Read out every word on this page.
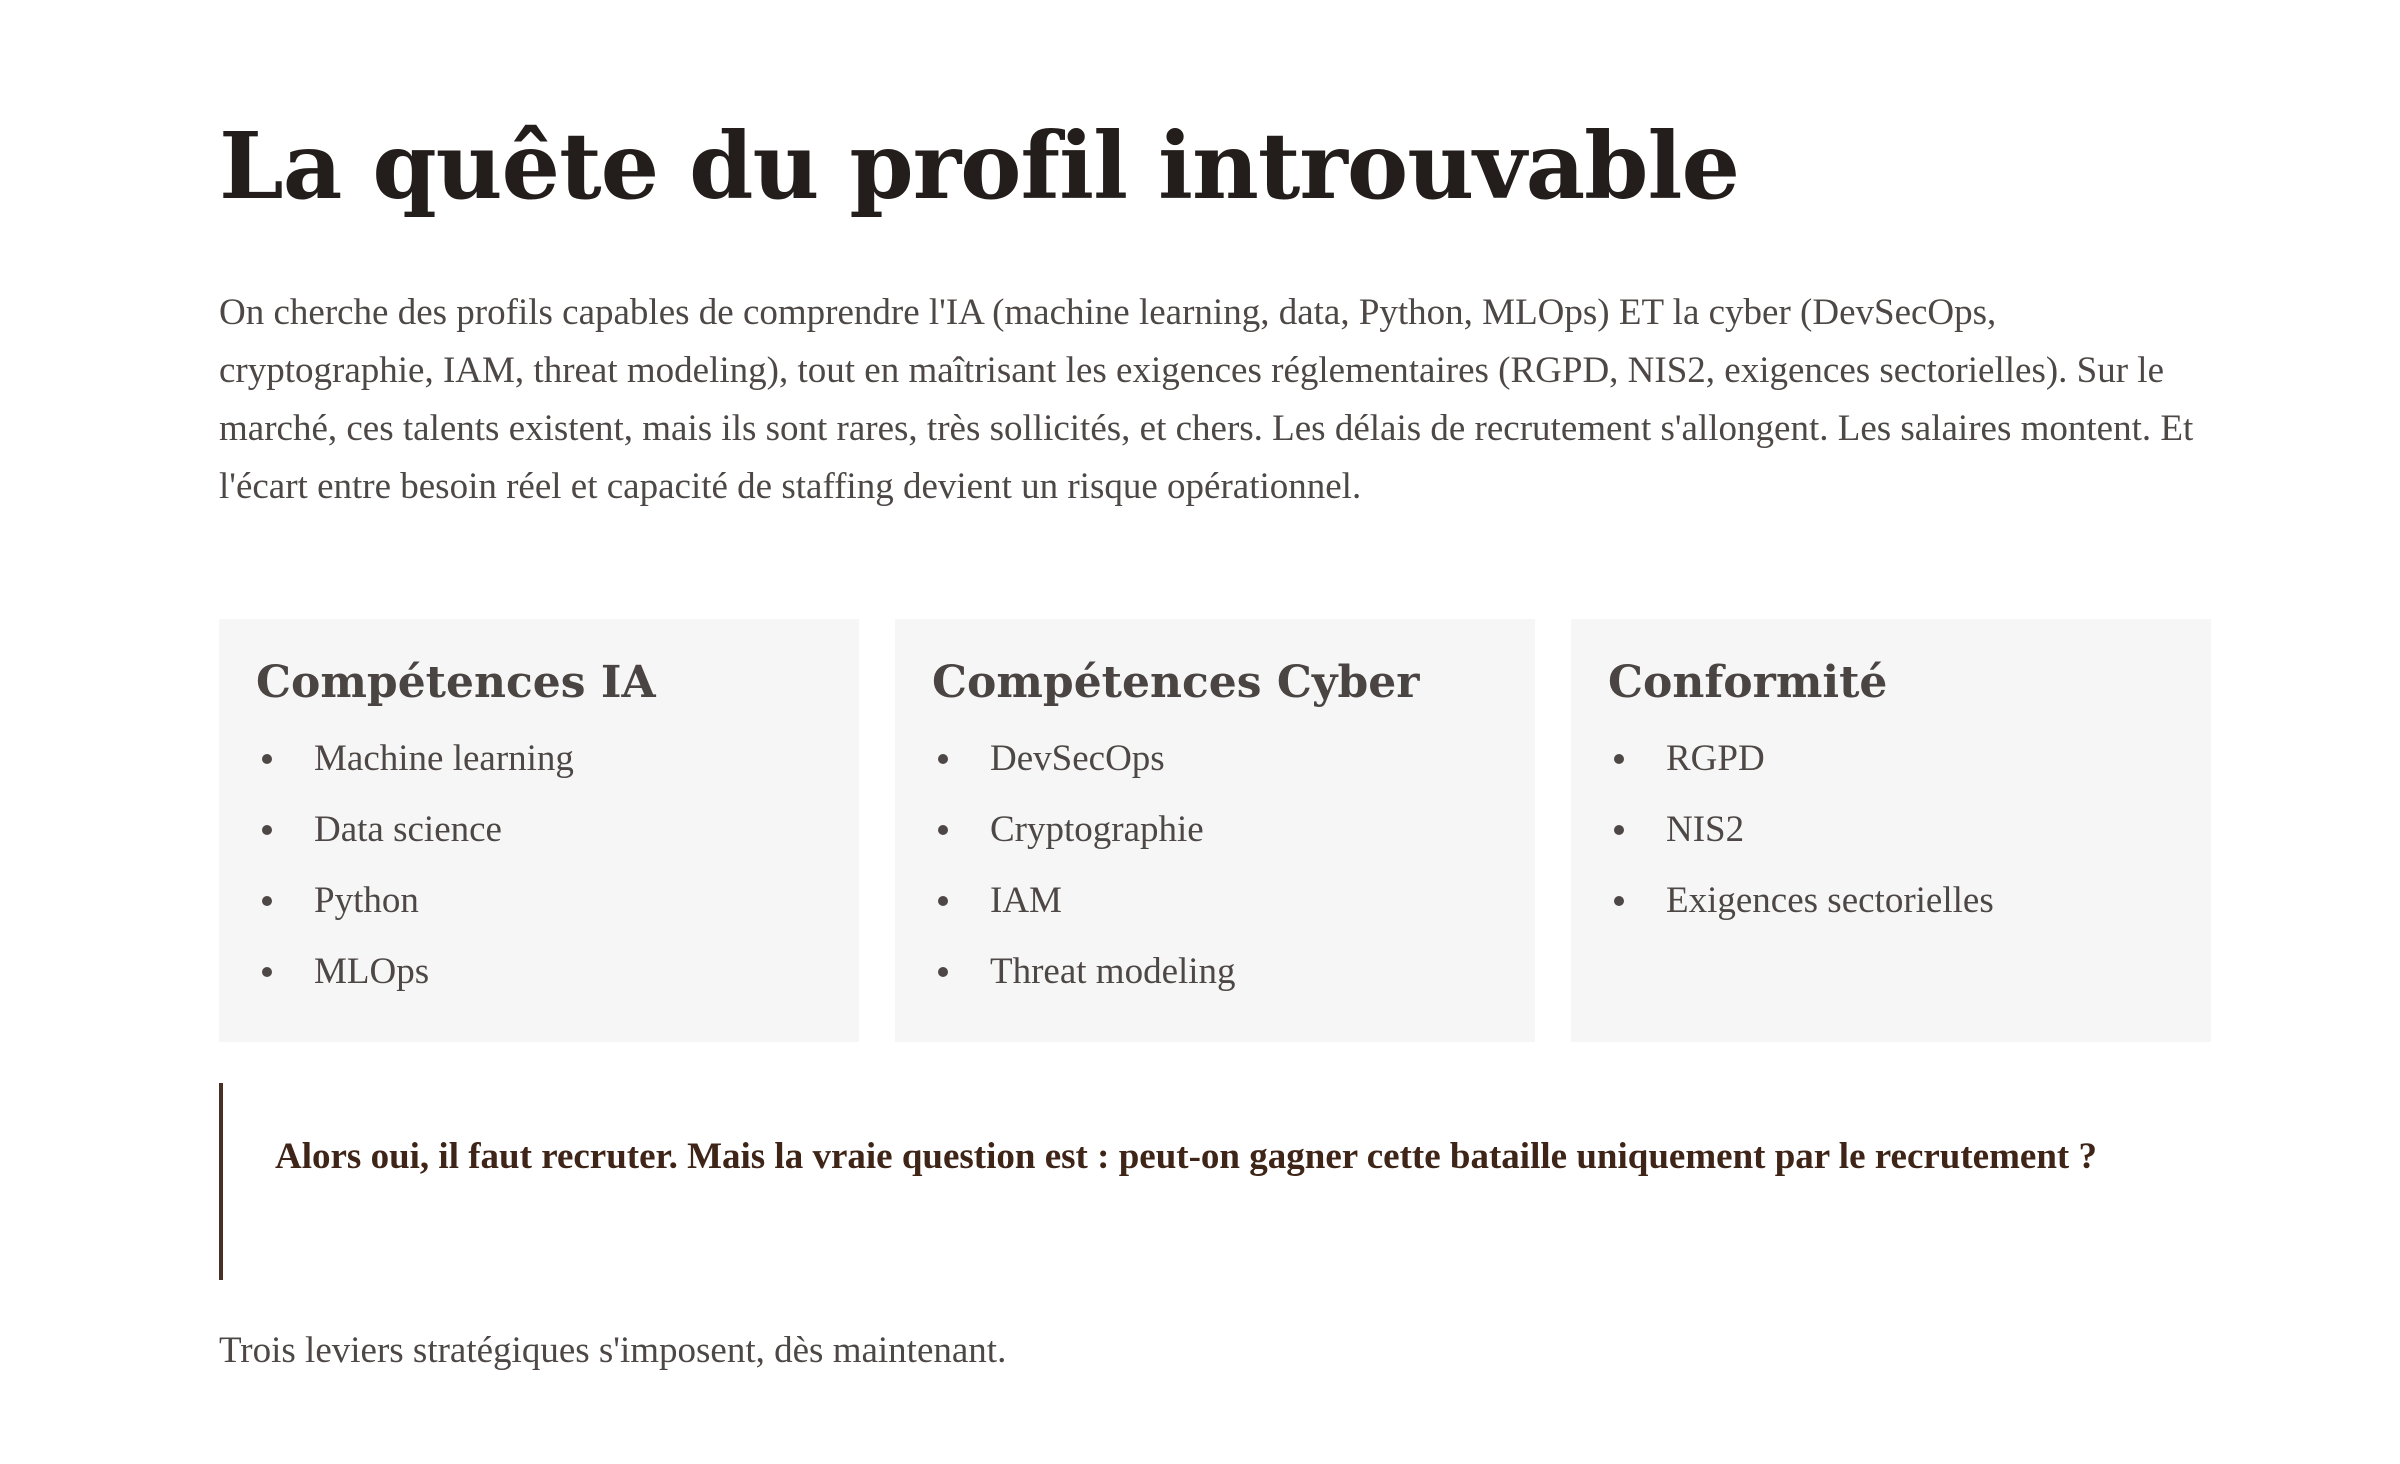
La quête du profil introuvable

On cherche des profils capables de comprendre l'IA (machine learning, data, Python, MLOps) ET la cyber (DevSecOps, cryptographie, IAM, threat modeling), tout en maîtrisant les exigences réglementaires (RGPD, NIS2, exigences sectorielles). Sur le marché, ces talents existent, mais ils sont rares, très sollicités, et chers. Les délais de recrutement s'allongent. Les salaires montent. Et l'écart entre besoin réel et capacité de staffing devient un risque opérationnel.

Compétences IA
Machine learning
Data science
Python
MLOps
Compétences Cyber
DevSecOps
Cryptographie
IAM
Threat modeling
Conformité
RGPD
NIS2
Exigences sectorielles

Alors oui, il faut recruter. Mais la vraie question est : peut-on gagner cette bataille uniquement par le recrutement ?

Trois leviers stratégiques s'imposent, dès maintenant.
